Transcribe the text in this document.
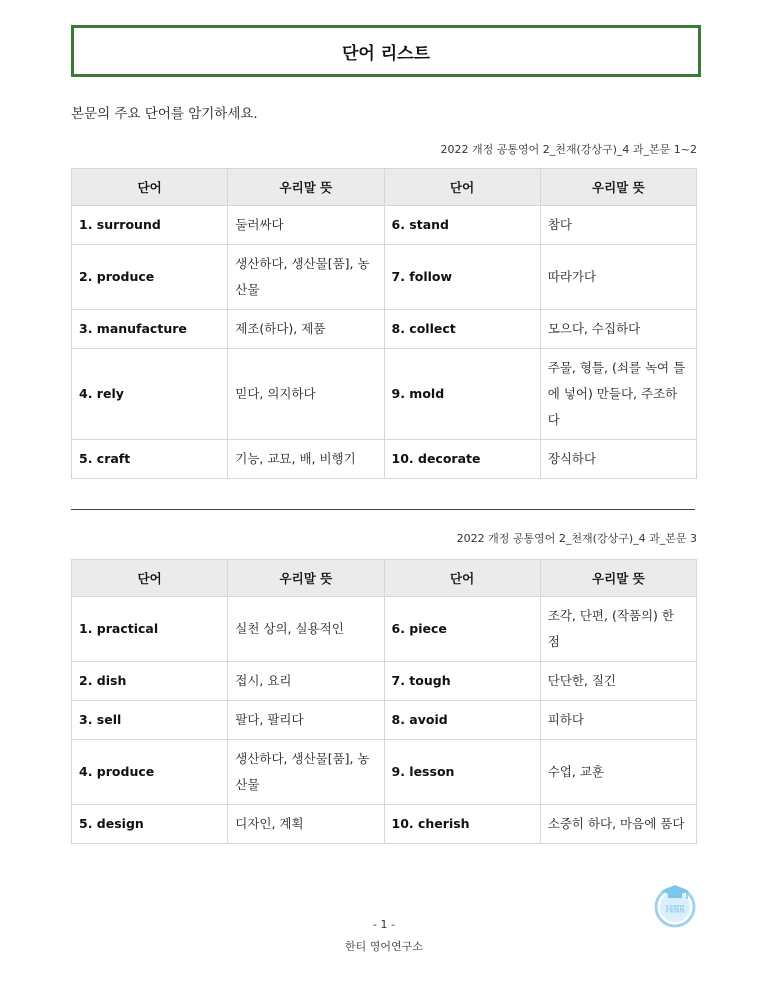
단어 리스트
본문의 주요 단어를 암기하세요.
2022 개정 공통영어 2_천재(강상구)_4 과_본문 1~2
단어	우리말 뜻	단어	우리말 뜻
1. surround	둘러싸다	6. stand	참다
2. produce	생산하다, 생산물[품], 농산물	7. follow	따라가다
3. manufacture	제조(하다), 제품	8. collect	모으다, 수집하다
4. rely	믿다, 의지하다	9. mold	주물, 형틀, (쇠를 녹여 틀에 넣어) 만들다, 주조하다
5. craft	기능, 교묘, 배, 비행기	10. decorate	장식하다
2022 개정 공통영어 2_천재(강상구)_4 과_본문 3
단어	우리말 뜻	단어	우리말 뜻
1. practical	실천 상의, 실용적인	6. piece	조각, 단편, (작품의) 한 점
2. dish	접시, 요리	7. tough	단단한, 질긴
3. sell	팔다, 팔리다	8. avoid	피하다
4. produce	생산하다, 생산물[품], 농산물	9. lesson	수업, 교훈
5. design	디자인, 계획	10. cherish	소중히 하다, 마음에 품다
HEE
- 1 -
한티 영어연구소
